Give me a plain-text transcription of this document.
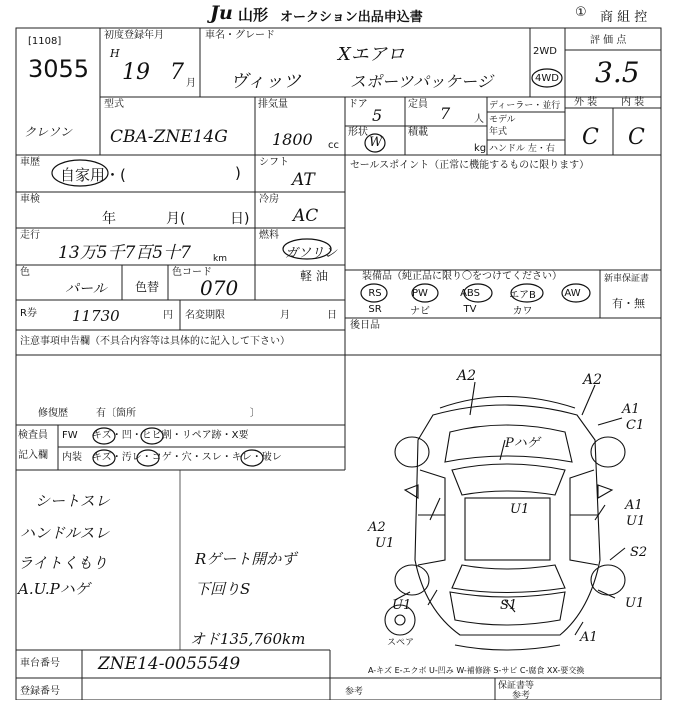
Ju 山形 オークション出品申込書	① 商 組 控
[1108]
3055
クレソン
初度登録年月
H
19 7 月
車名・グレード
Xエアロ
ヴィッツ	スポーツパッケージ
2WD
4WD
評 価 点
3.5
外 装 内 装
C C
型式
CBA-ZNE14G
排気量
1800 cc
ドア
5
定員 7 人
形状
W
積載
kg
ディーラー・並行
モデル
年式
ハンドル 左・右
車歴
自家用・(	)
シフト
AT
車検
年	月(	日)
冷房
AC
走行
13万5千7百5十7 km
燃料
ガソリン
軽 油
色
パール 色替
色コード
070
R券 11730	円 名変期限	月	日
セールスポイント（正常に機能するものに限ります）
装備品（純正品に限り〇をつけてください）	新車保証書
有・無
RS	PW	ABS	エアB	AW
SR	ナビ	TV	カワ
後日品
注意事項申告欄（不具合内容等は具体的に記入して下さい）
修復歴	有〔箇所	〕
検査員
記入欄
FW キズ・凹・ヒビ割・リペア跡・X要
内装 キズ・汚レ・コゲ・穴・スレ・キレ・破レ
シートスレ
ハンドルスレ
ライトくもり
A.U.Pハゲ
Rゲート開かず
下回りS
オド135,760km
A2	A2
A1
C1
Pハゲ
U1
A2
U1
A1
U1
S2
U1	S1	U1
A1
スペア
A-キズ E-エクボ U-凹み W-補修跡 S-サビ C-腐食 XX-要交換
車台番号 ZNE14-0055549
登録番号	参考
保証書等
参考
